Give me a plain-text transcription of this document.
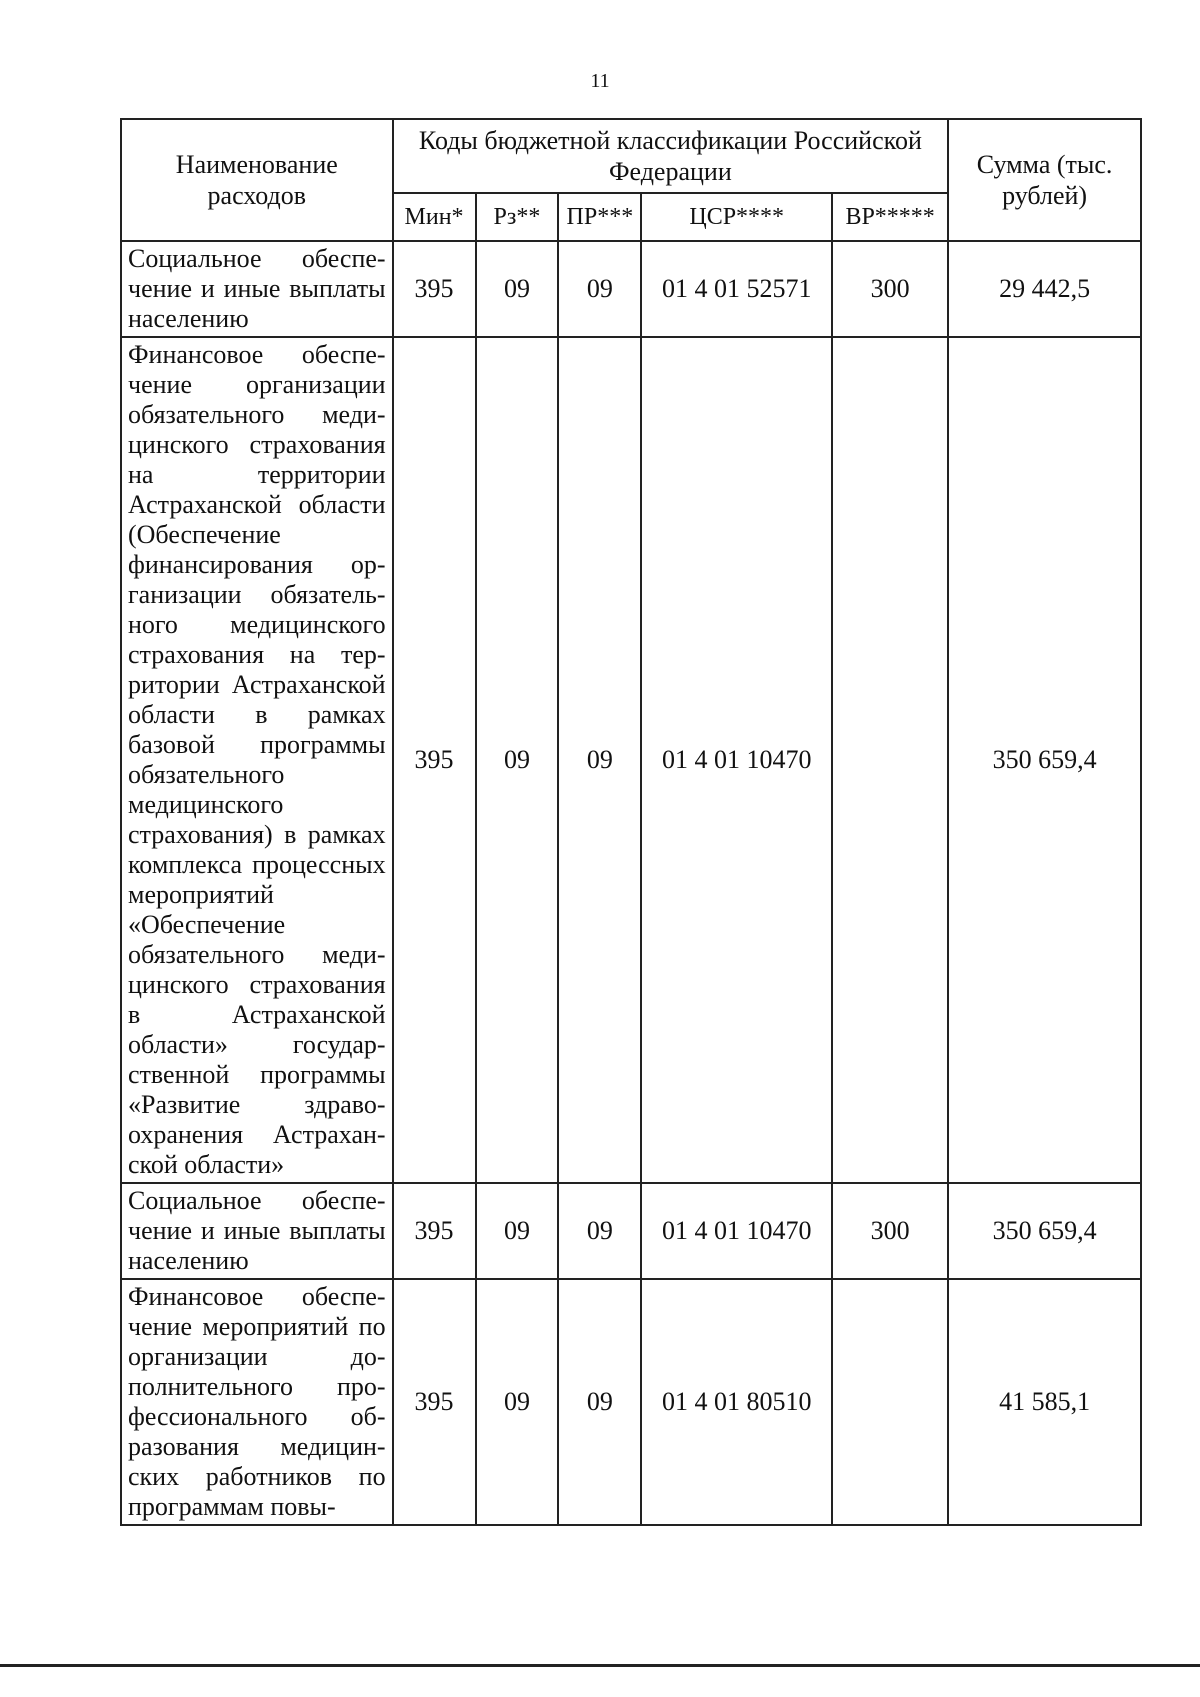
11
Наименование расходов	Коды бюджетной классификации Российской Федерации					Сумма (тыс. рублей)
	Мин*	Рз**	ПР***	ЦСР****	ВР*****	
Социальное обеспечение и иные выплаты населению	395	09	09	01 4 01 52571	300	29 442,5
Финансовое обеспечение организации обязательного медицинского страхования на территории Астраханской области (Обеспечение финансирования организации обязательного медицинского страхования на территории Астраханской области в рамках базовой программы обязательного медицинского страхования) в рамках комплекса процессных мероприятий «Обеспечение обязательного медицинского страхования в Астраханской области» государственной программы «Развитие здравоохранения Астраханской области»	395	09	09	01 4 01 10470		350 659,4
Социальное обеспечение и иные выплаты населению	395	09	09	01 4 01 10470	300	350 659,4
Финансовое обеспечение мероприятий по организации дополнительного профессионального образования медицинских работников по программам повы-	395	09	09	01 4 01 80510		41 585,1
